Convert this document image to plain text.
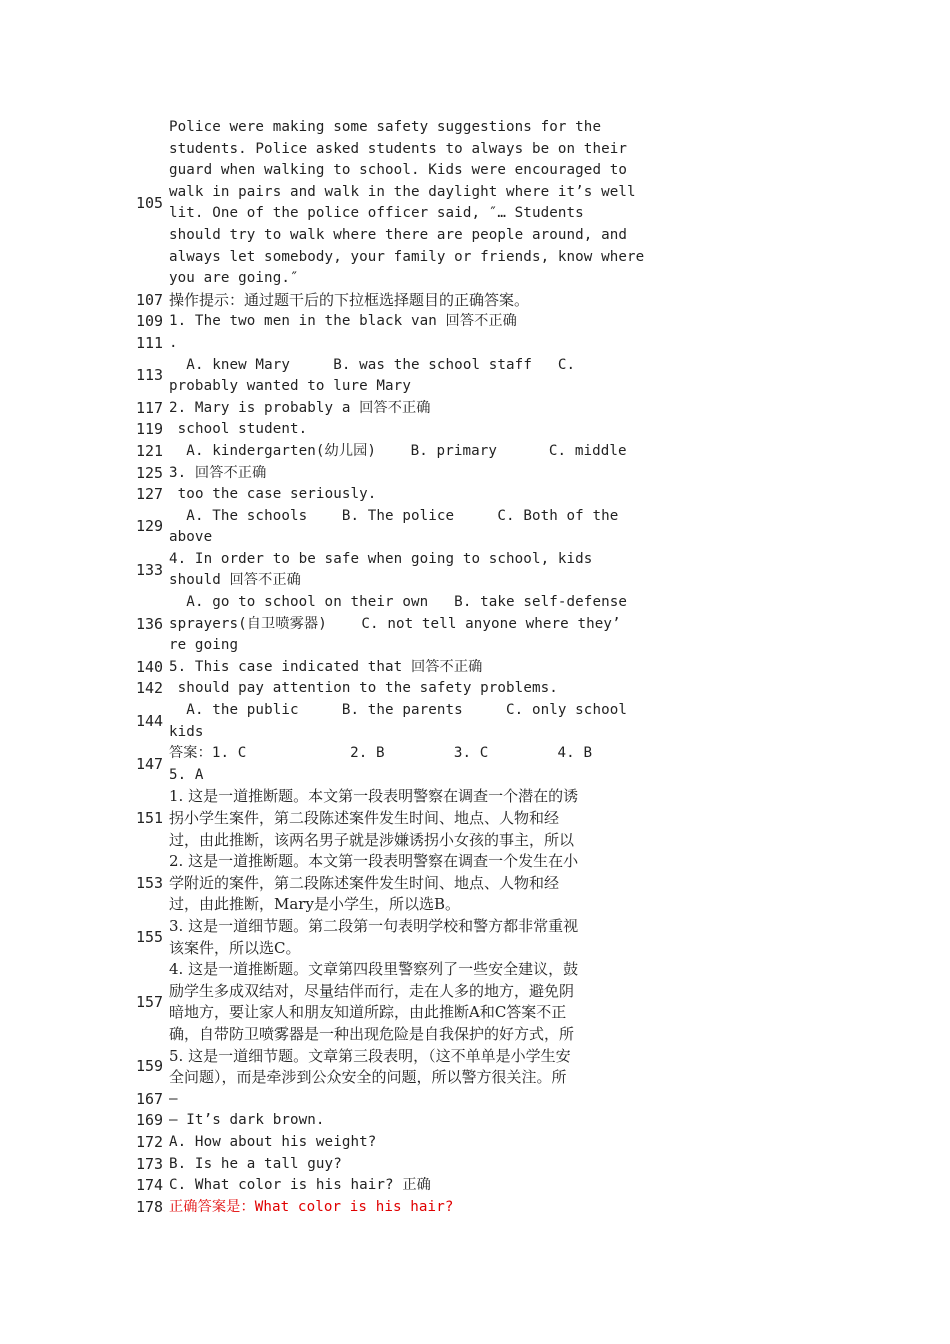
105
Police were making some safety suggestions for the
students. Police asked students to always be on their
guard when walking to school. Kids were encouraged to
walk in pairs and walk in the daylight where it’s well
lit. One of the police officer said, ″… Students
should try to walk where there are people around, and
always let somebody, your family or friends, know where
you are going.″
107 操作提示：通过题干后的下拉框选择题目的正确答案。
109 1. The two men in the black van 回答不正确
111 .
113
A. knew Mary     B. was the school staff   C.
probably wanted to lure Mary
117 2. Mary is probably a 回答不正确
119 school student.
121 A. kindergarten(幼儿园)    B. primary      C. middle
125 3. 回答不正确
127 too the case seriously.
129
A. The schools    B. The police     C. Both of the
above
133
4. In order to be safe when going to school, kids
should 回答不正确
136
A. go to school on their own   B. take self-defense
sprayers(自卫喷雾器)    C. not tell anyone where they’
re going
140 5. This case indicated that 回答不正确
142 should pay attention to the safety problems.
144
A. the public     B. the parents     C. only school
kids
147
答案：1. C            2. B        3. C        4. B
5. A
151
1. 这是一道推断题。本文第一段表明警察在调查一个潜在的诱
拐小学生案件，第二段陈述案件发生时间、地点、人物和经
过，由此推断，该两名男子就是涉嫌诱拐小女孩的事主，所以
153
2. 这是一道推断题。本文第一段表明警察在调查一个发生在小
学附近的案件，第二段陈述案件发生时间、地点、人物和经
过，由此推断，Mary是小学生，所以选B。
155
3. 这是一道细节题。第二段第一句表明学校和警方都非常重视
该案件，所以选C。
157
4. 这是一道推断题。文章第四段里警察列了一些安全建议，鼓
励学生多成双结对，尽量结伴而行，走在人多的地方，避免阴
暗地方，要让家人和朋友知道所踪，由此推断A和C答案不正
确，自带防卫喷雾器是一种出现危险是自我保护的好方式，所
159
5. 这是一道细节题。文章第三段表明，（这不单单是小学生安
全问题），而是牵涉到公众安全的问题，所以警方很关注。所
167 —
169 — It’s dark brown.
172 A. How about his weight?
173 B. Is he a tall guy?
174 C. What color is his hair? 正确
178 正确答案是：What color is his hair?
